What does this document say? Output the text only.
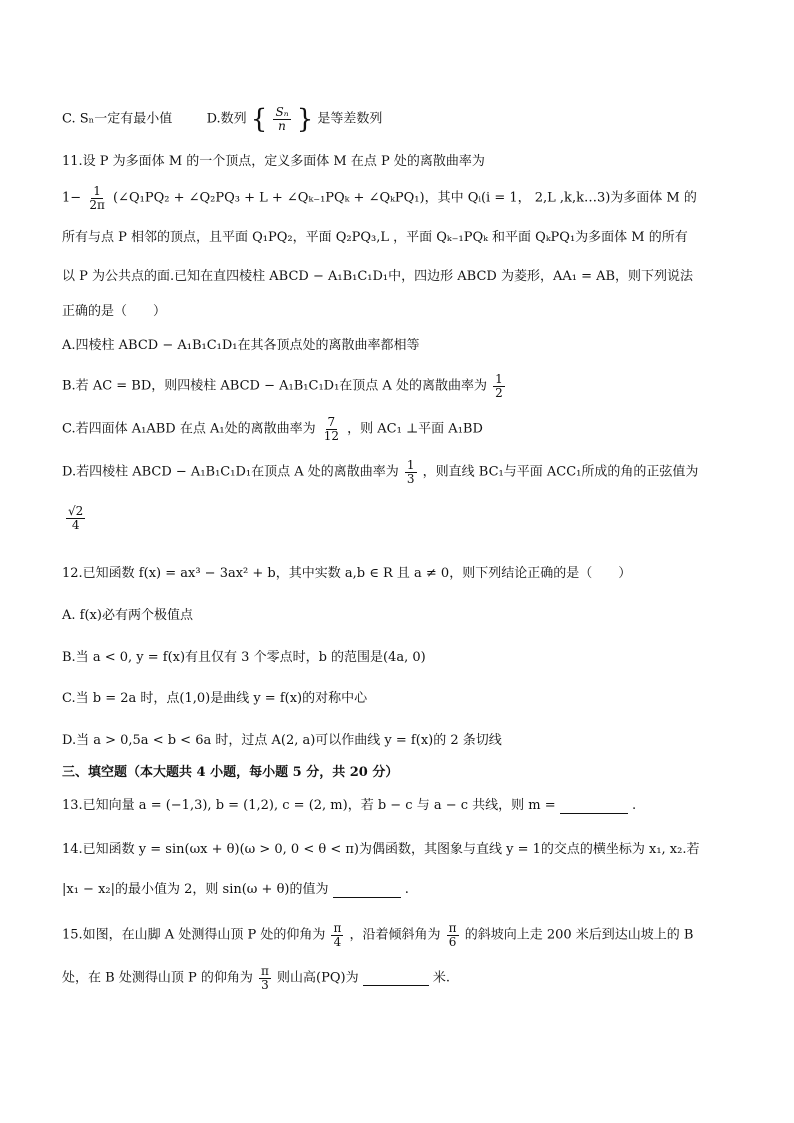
C. Sₙ一定有最小值	D.数列 { $\frac{\text{Sₙ}}{n}$ } 是等差数列
11.设 P 为多面体 M 的一个顶点，定义多面体 M 在点 P 处的离散曲率为
$1- \frac{1}{2\pi}$ (∠Q₁PQ₂ + ∠Q₂PQ₃ + L + ∠Qₖ₋₁PQₖ + ∠QₖPQ₁)，其中 Qᵢ(i = 1， 2,L ,k,k…3)为多面体 M 的
所有与点 P 相邻的顶点，且平面 Q₁PQ₂，平面 Q₂PQ₃,L ，平面 Qₖ₋₁PQₖ 和平面 QₖPQ₁为多面体 M 的所有
以 P 为公共点的面.已知在直四棱柱 ABCD − A₁B₁C₁D₁中，四边形 ABCD 为菱形，AA₁ = AB，则下列说法
正确的是（　　）
A.四棱柱 ABCD − A₁B₁C₁D₁在其各顶点处的离散曲率都相等
B.若 AC = BD，则四棱柱 ABCD − A₁B₁C₁D₁在顶点 A 处的离散曲率为 $\frac{1}{2}$
C.若四面体 A₁ABD 在点 A₁处的离散曲率为 $\frac{7}{12}$ ，则 AC₁ ⊥平面 A₁BD
D.若四棱柱 ABCD − A₁B₁C₁D₁在顶点 A 处的离散曲率为 $\frac{1}{3}$ ，则直线 BC₁与平面 ACC₁所成的角的正弦值为
$\frac{√2}{4}$
12.已知函数 f(x) = ax³ − 3ax² + b，其中实数 a,b ∈ R 且 a ≠ 0，则下列结论正确的是（　　）
A. f(x)必有两个极值点
B.当 a < 0, y = f(x)有且仅有 3 个零点时，b 的范围是(4a, 0)
C.当 b = 2a 时，点(1,0)是曲线 y = f(x)的对称中心
D.当 a > 0,5a < b < 6a 时，过点 A(2, a)可以作曲线 y = f(x)的 2 条切线
三、填空题（本大题共 4 小题，每小题 5 分，共 20 分）
13.已知向量 a = (−1,3), b = (1,2), c = (2, m)，若 b − c 与 a − c 共线，则 m =	.
14.已知函数 y = sin(ωx + θ)(ω > 0, 0 < θ < π)为偶函数，其图象与直线 y = 1的交点的横坐标为 x₁, x₂.若
|x₁ − x₂|的最小值为 2，则 sin(ω + θ)的值为	.
15.如图，在山脚 A 处测得山顶 P 处的仰角为 $\frac{\pi}{4}$ ，沿着倾斜角为 $\frac{\pi}{6}$ 的斜坡向上走 200 米后到达山坡上的 B
处，在 B 处测得山顶 P 的仰角为 $\frac{\pi}{3}$ 则山高(PQ)为	米.
